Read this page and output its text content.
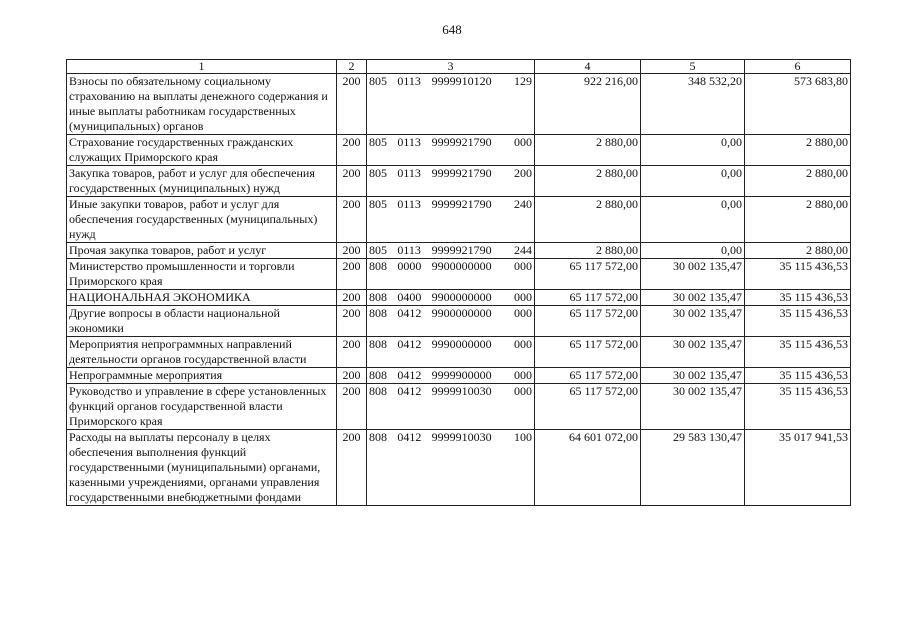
648
1	2	3	4	5	6
Взносы по обязательному социальному страхованию на выплаты денежного содержания и иные выплаты работникам государственных (муниципальных) органов	200	805 0113 9999910120 129	922 216,00	348 532,20	573 683,80
Страхование государственных гражданских служащих Приморского края	200	805 0113 9999921790 000	2 880,00	0,00	2 880,00
Закупка товаров, работ и услуг для обеспечения государственных (муниципальных) нужд	200	805 0113 9999921790 200	2 880,00	0,00	2 880,00
Иные закупки товаров, работ и услуг для обеспечения государственных (муниципальных) нужд	200	805 0113 9999921790 240	2 880,00	0,00	2 880,00
Прочая закупка товаров, работ и услуг	200	805 0113 9999921790 244	2 880,00	0,00	2 880,00
Министерство промышленности и торговли Приморского края	200	808 0000 9900000000 000	65 117 572,00	30 002 135,47	35 115 436,53
НАЦИОНАЛЬНАЯ ЭКОНОМИКА	200	808 0400 9900000000 000	65 117 572,00	30 002 135,47	35 115 436,53
Другие вопросы в области национальной экономики	200	808 0412 9900000000 000	65 117 572,00	30 002 135,47	35 115 436,53
Мероприятия непрограммных направлений деятельности органов государственной власти	200	808 0412 9990000000 000	65 117 572,00	30 002 135,47	35 115 436,53
Непрограммные мероприятия	200	808 0412 9999900000 000	65 117 572,00	30 002 135,47	35 115 436,53
Руководство и управление в сфере установленных функций органов государственной власти Приморского края	200	808 0412 9999910030 000	65 117 572,00	30 002 135,47	35 115 436,53
Расходы на выплаты персоналу в целях обеспечения выполнения функций государственными (муниципальными) органами, казенными учреждениями, органами управления государственными внебюджетными фондами	200	808 0412 9999910030 100	64 601 072,00	29 583 130,47	35 017 941,53
